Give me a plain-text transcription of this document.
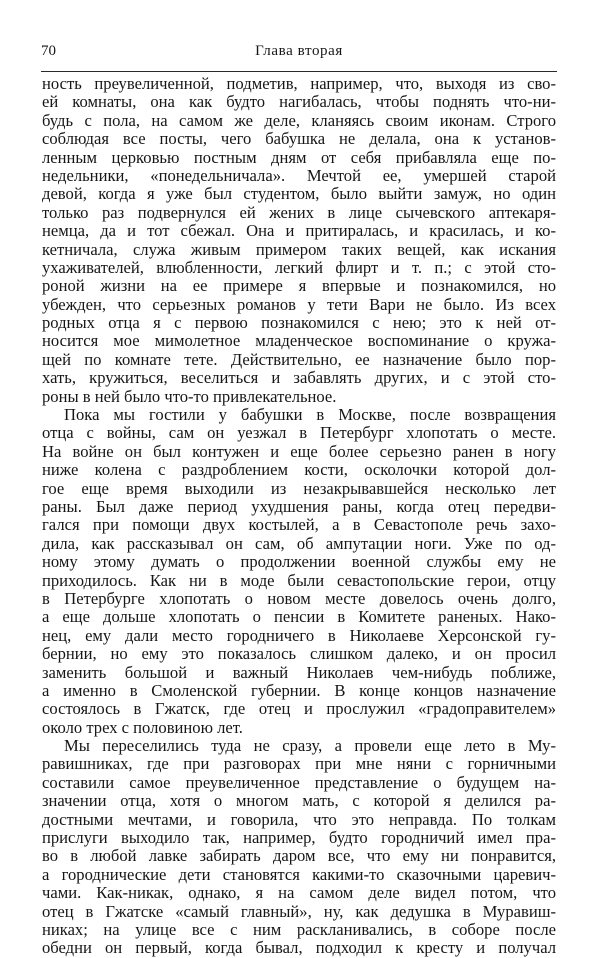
70	Глава вторая
ность преувеличенной, подметив, например, что, выходя из сво-
ей комнаты, она как будто нагибалась, чтобы поднять что-ни-
будь с пола, на самом же деле, кланяясь своим иконам. Строго
соблюдая все посты, чего бабушка не делала, она к установ-
ленным церковью постным дням от себя прибавляла еще по-
недельники, «понедельничала». Мечтой ее, умершей старой
девой, когда я уже был студентом, было выйти замуж, но один
только раз подвернулся ей жених в лице сычевского аптекаря-
немца, да и тот сбежал. Она и притиралась, и красилась, и ко-
кетничала, служа живым примером таких вещей, как искания
ухаживателей, влюбленности, легкий флирт и т. п.; с этой сто-
роной жизни на ее примере я впервые и познакомился, но
убежден, что серьезных романов у тети Вари не было. Из всех
родных отца я с первою познакомился с нею; это к ней от-
носится мое мимолетное младенческое воспоминание о кружа-
щей по комнате тете. Действительно, ее назначение было пор-
хать, кружиться, веселиться и забавлять других, и с этой сто-
роны в ней было что-то привлекательное.
Пока мы гостили у бабушки в Москве, после возвращения
отца с войны, сам он уезжал в Петербург хлопотать о месте.
На войне он был контужен и еще более серьезно ранен в ногу
ниже колена с раздроблением кости, осколочки которой дол-
гое еще время выходили из незакрывавшейся несколько лет
раны. Был даже период ухудшения раны, когда отец передви-
гался при помощи двух костылей, а в Севастополе речь захо-
дила, как рассказывал он сам, об ампутации ноги. Уже по од-
ному этому думать о продолжении военной службы ему не
приходилось. Как ни в моде были севастопольские герои, отцу
в Петербурге хлопотать о новом месте довелось очень долго,
а еще дольше хлопотать о пенсии в Комитете раненых. Нако-
нец, ему дали место городничего в Николаеве Херсонской гу-
бернии, но ему это показалось слишком далеко, и он просил
заменить большой и важный Николаев чем-нибудь поближе,
а именно в Смоленской губернии. В конце концов назначение
состоялось в Гжатск, где отец и прослужил «градоправителем»
около трех с половиною лет.
Мы переселились туда не сразу, а провели еще лето в Му-
равишниках, где при разговорах при мне няни с горничными
составили самое преувеличенное представление о будущем на-
значении отца, хотя о многом мать, с которой я делился ра-
достными мечтами, и говорила, что это неправда. По толкам
прислуги выходило так, например, будто городничий имел пра-
во в любой лавке забирать даром все, что ему ни понравится,
а городнические дети становятся какими-то сказочными царевич-
чами. Как-никак, однако, я на самом деле видел потом, что
отец в Гжатске «самый главный», ну, как дедушка в Муравиш-
никах; на улице все с ним раскланивались, в соборе после
обедни он первый, когда бывал, подходил к кресту и получал
